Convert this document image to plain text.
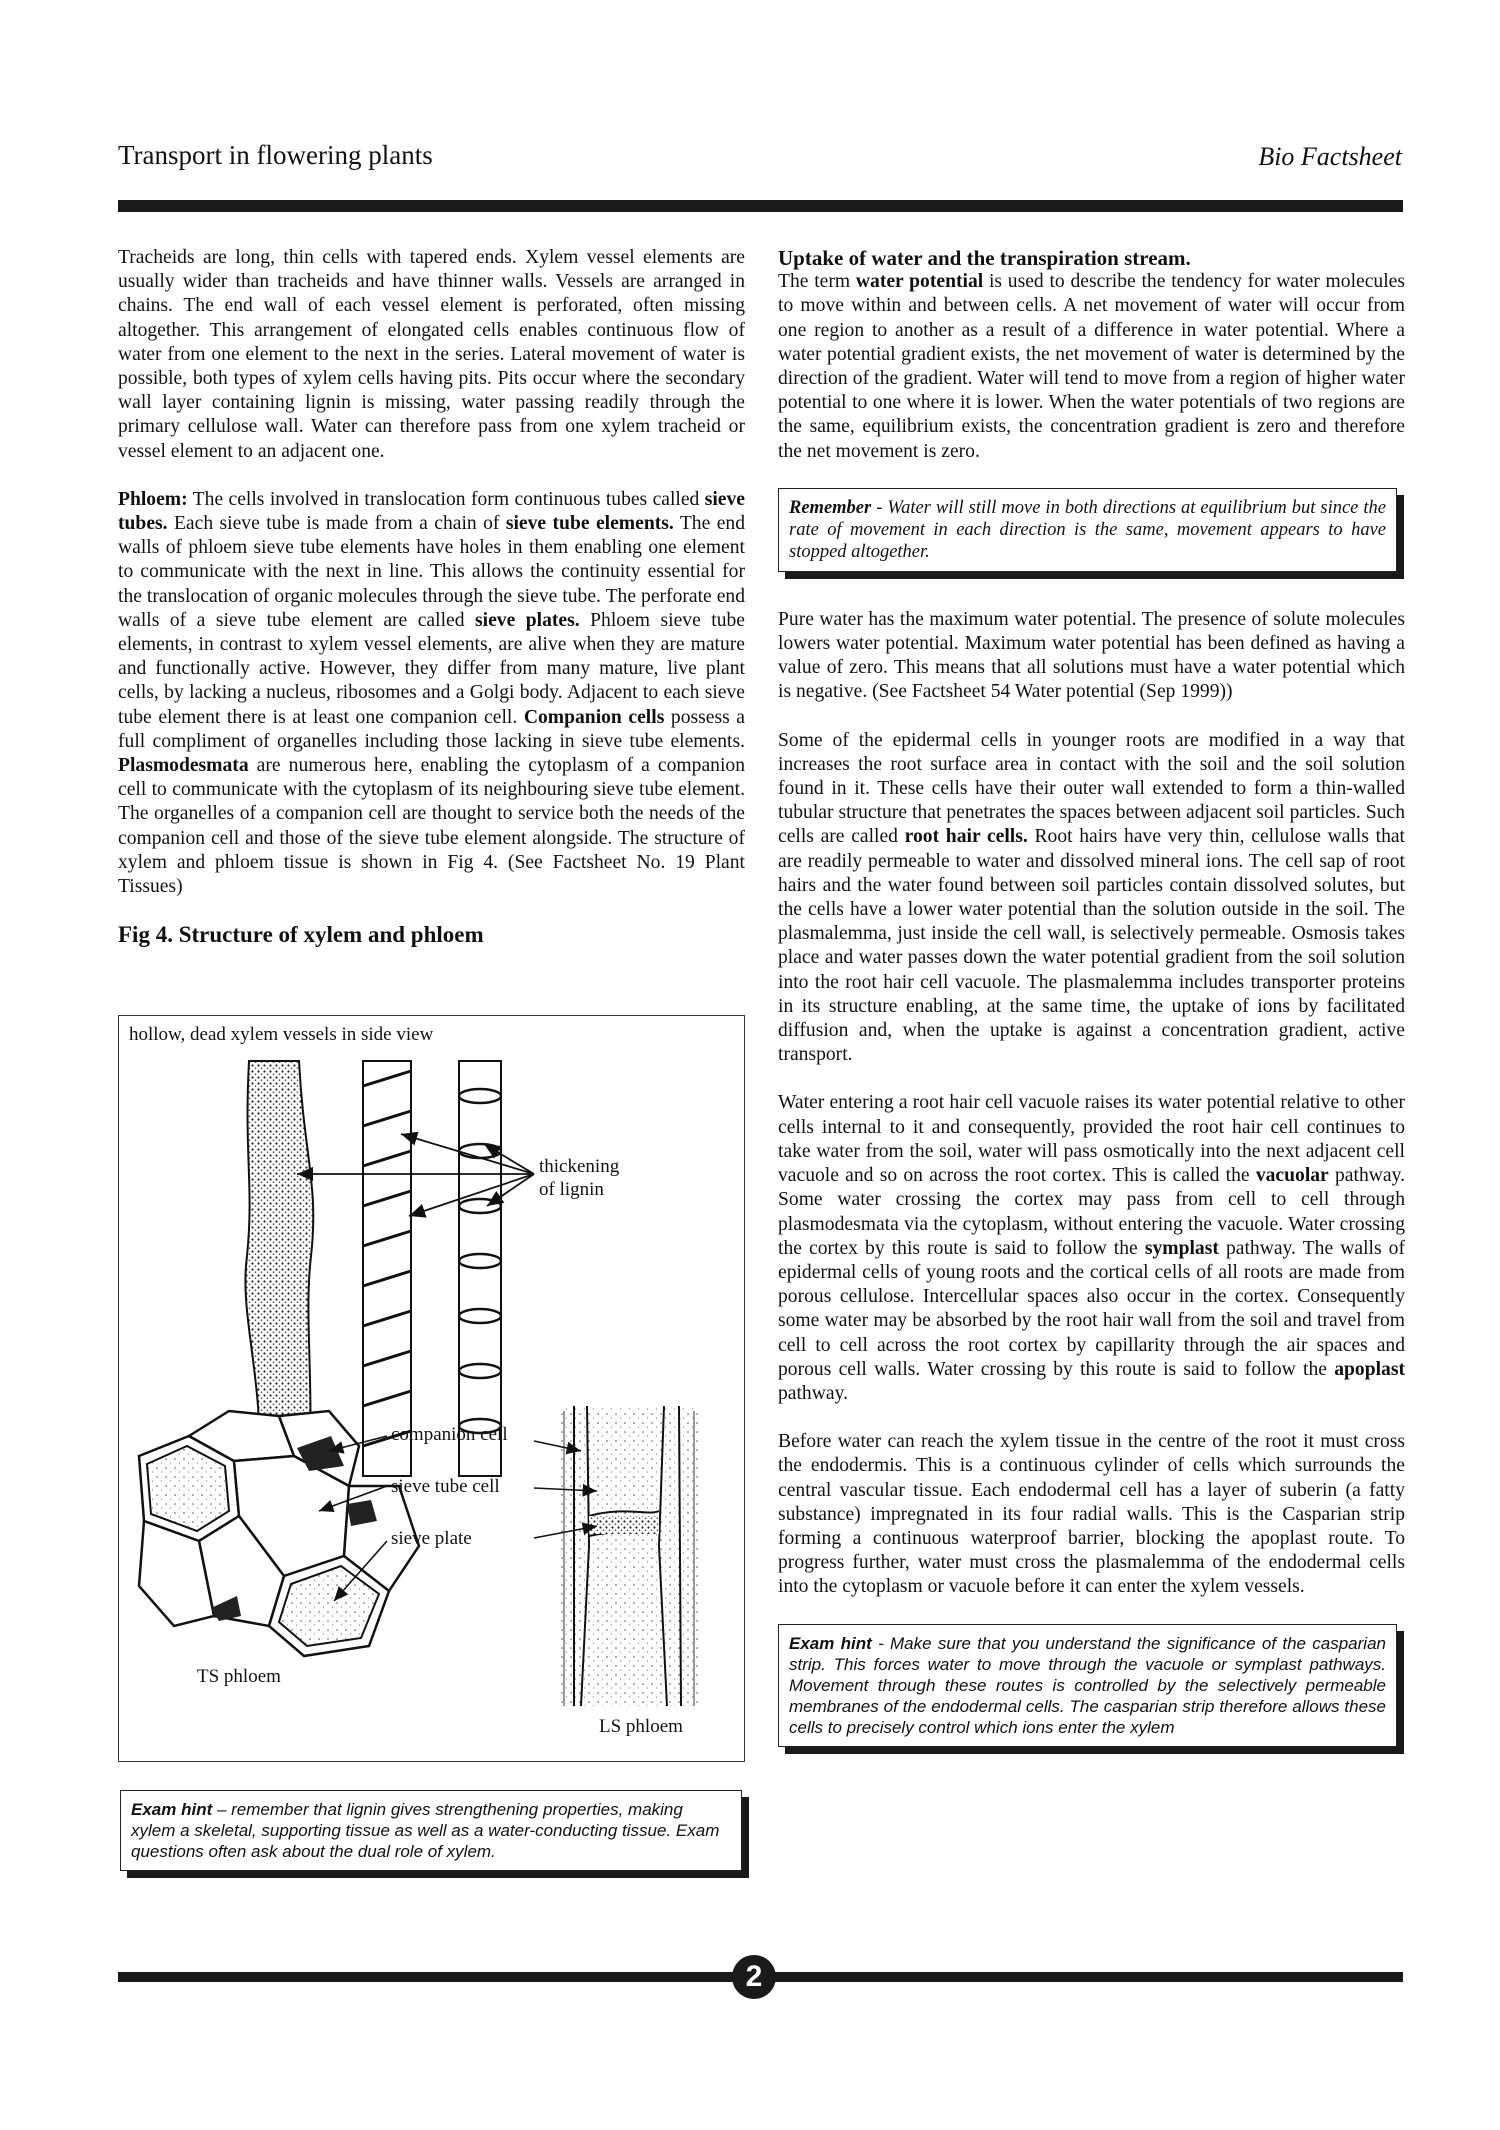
Transport in flowering plants	Bio Factsheet

Tracheids are long, thin cells with tapered ends. Xylem vessel elements are usually wider than tracheids and have thinner walls. Vessels are arranged in chains. The end wall of each vessel element is perforated, often missing altogether. This arrangement of elongated cells enables continuous flow of water from one element to the next in the series. Lateral movement of water is possible, both types of xylem cells having pits. Pits occur where the secondary wall layer containing lignin is missing, water passing readily through the primary cellulose wall. Water can therefore pass from one xylem tracheid or vessel element to an adjacent one.

Phloem: The cells involved in translocation form continuous tubes called sieve tubes. Each sieve tube is made from a chain of sieve tube elements. The end walls of phloem sieve tube elements have holes in them enabling one element to communicate with the next in line. This allows the continuity essential for the translocation of organic molecules through the sieve tube. The perforate end walls of a sieve tube element are called sieve plates. Phloem sieve tube elements, in contrast to xylem vessel elements, are alive when they are mature and functionally active. However, they differ from many mature, live plant cells, by lacking a nucleus, ribosomes and a Golgi body. Adjacent to each sieve tube element there is at least one companion cell. Companion cells possess a full compliment of organelles including those lacking in sieve tube elements. Plasmodesmata are numerous here, enabling the cytoplasm of a companion cell to communicate with the cytoplasm of its neighbouring sieve tube element. The organelles of a companion cell are thought to service both the needs of the companion cell and those of the sieve tube element alongside. The structure of xylem and phloem tissue is shown in Fig 4. (See Factsheet No. 19 Plant Tissues)

Fig 4. Structure of xylem and phloem
hollow, dead xylem vessels in side view
thickening
of lignin
companion cell
sieve tube cell
sieve plate
TS phloem
LS phloem
Exam hint – remember that lignin gives strengthening properties, making xylem a skeletal, supporting tissue as well as a water-conducting tissue. Exam questions often ask about the dual role of xylem.
Uptake of water and the transpiration stream.

The term water potential is used to describe the tendency for water molecules to move within and between cells. A net movement of water will occur from one region to another as a result of a difference in water potential. Where a water potential gradient exists, the net movement of water is determined by the direction of the gradient. Water will tend to move from a region of higher water potential to one where it is lower. When the water potentials of two regions are the same, equilibrium exists, the concentration gradient is zero and therefore the net movement is zero.

Remember - Water will still move in both directions at equilibrium but since the rate of movement in each direction is the same, movement appears to have stopped altogether.

Pure water has the maximum water potential. The presence of solute molecules lowers water potential. Maximum water potential has been defined as having a value of zero. This means that all solutions must have a water potential which is negative. (See Factsheet 54 Water potential (Sep 1999))

Some of the epidermal cells in younger roots are modified in a way that increases the root surface area in contact with the soil and the soil solution found in it. These cells have their outer wall extended to form a thin-walled tubular structure that penetrates the spaces between adjacent soil particles. Such cells are called root hair cells. Root hairs have very thin, cellulose walls that are readily permeable to water and dissolved mineral ions. The cell sap of root hairs and the water found between soil particles contain dissolved solutes, but the cells have a lower water potential than the solution outside in the soil. The plasmalemma, just inside the cell wall, is selectively permeable. Osmosis takes place and water passes down the water potential gradient from the soil solution into the root hair cell vacuole. The plasmalemma includes transporter proteins in its structure enabling, at the same time, the uptake of ions by facilitated diffusion and, when the uptake is against a concentration gradient, active transport.

Water entering a root hair cell vacuole raises its water potential relative to other cells internal to it and consequently, provided the root hair cell continues to take water from the soil, water will pass osmotically into the next adjacent cell vacuole and so on across the root cortex. This is called the vacuolar pathway. Some water crossing the cortex may pass from cell to cell through plasmodesmata via the cytoplasm, without entering the vacuole. Water crossing the cortex by this route is said to follow the symplast pathway. The walls of epidermal cells of young roots and the cortical cells of all roots are made from porous cellulose. Intercellular spaces also occur in the cortex. Consequently some water may be absorbed by the root hair wall from the soil and travel from cell to cell across the root cortex by capillarity through the air spaces and porous cell walls. Water crossing by this route is said to follow the apoplast pathway.

Before water can reach the xylem tissue in the centre of the root it must cross the endodermis. This is a continuous cylinder of cells which surrounds the central vascular tissue. Each endodermal cell has a layer of suberin (a fatty substance) impregnated in its four radial walls. This is the Casparian strip forming a continuous waterproof barrier, blocking the apoplast route. To progress further, water must cross the plasmalemma of the endodermal cells into the cytoplasm or vacuole before it can enter the xylem vessels.

Exam hint - Make sure that you understand the significance of the casparian strip. This forces water to move through the vacuole or symplast pathways. Movement through these routes is controlled by the selectively permeable membranes of the endodermal cells. The casparian strip therefore allows these cells to precisely control which ions enter the xylem
2
